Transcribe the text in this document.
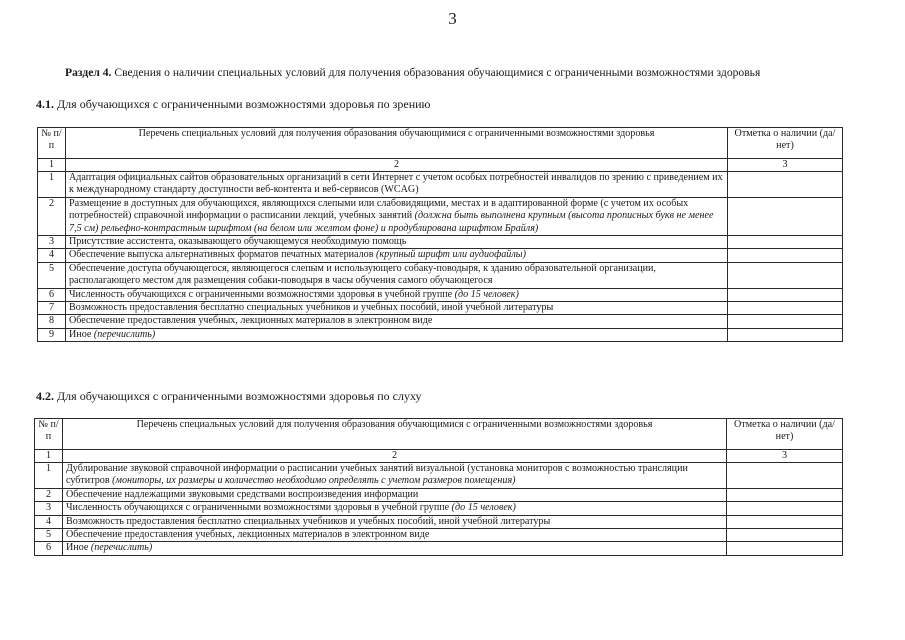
3
Раздел 4. Сведения о наличии специальных условий для получения образования обучающимися с ограниченными возможностями здоровья
4.1. Для обучающихся с ограниченными возможностями здоровья по зрению
№ п/п	Перечень специальных условий для получения образования обучающимися с ограниченными возможностями здоровья	Отметка о наличии (да/нет)
1	2	3
1	Адаптация официальных сайтов образовательных организаций в сети Интернет с учетом особых потребностей инвалидов по зрению с приведением их к международному стандарту доступности веб-контента и веб-сервисов (WCAG)	
2	Размещение в доступных для обучающихся, являющихся слепыми или слабовидящими, местах и в адаптированной форме (с учетом их особых потребностей) справочной информации о расписании лекций, учебных занятий (должна быть выполнена крупным (высота прописных букв не менее 7,5 см) рельефно-контрастным шрифтом (на белом или желтом фоне) и продублирована шрифтом Брайля)	
3	Присутствие ассистента, оказывающего обучающемуся необходимую помощь	
4	Обеспечение выпуска альтернативных форматов печатных материалов (крупный шрифт или аудиофайлы)	
5	Обеспечение доступа обучающегося, являющегося слепым и использующего собаку-поводыря, к зданию образовательной организации, располагающего местом для размещения собаки-поводыря в часы обучения самого обучающегося	
6	Численность обучающихся с ограниченными возможностями здоровья в учебной группе (до 15 человек)	
7	Возможность предоставления бесплатно специальных учебников и учебных пособий, иной учебной литературы	
8	Обеспечение предоставления учебных, лекционных материалов в электронном виде	
9	Иное (перечислить)	
4.2. Для обучающихся с ограниченными возможностями здоровья по слуху
№ п/п	Перечень специальных условий для получения образования обучающимися с ограниченными возможностями здоровья	Отметка о наличии (да/нет)
1	2	3
1	Дублирование звуковой справочной информации о расписании учебных занятий визуальной (установка мониторов с возможностью трансляции субтитров (мониторы, их размеры и количество необходимо определять с учетом размеров помещения)	
2	Обеспечение надлежащими звуковыми средствами воспроизведения информации	
3	Численность обучающихся с ограниченными возможностями здоровья в учебной группе (до 15 человек)	
4	Возможность предоставления бесплатно специальных учебников и учебных пособий, иной учебной литературы	
5	Обеспечение предоставления учебных, лекционных материалов в электронном виде	
6	Иное (перечислить)	
